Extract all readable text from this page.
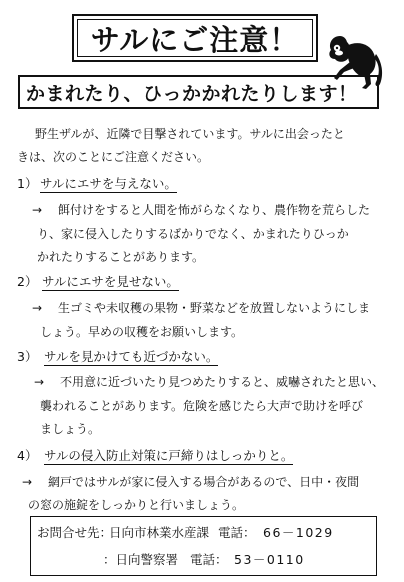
サルにご注意！
かまれたり、ひっかかれたりします！
野生ザルが、近隣で目撃されています。サルに出会ったと
きは、次のことにご注意ください。
1） サルにエサを与えない。
→ 餌付けをすると人間を怖がらなくなり、農作物を荒らした
り、家に侵入したりするばかりでなく、かまれたりひっか
かれたりすることがあります。
2） サルにエサを見せない。
→ 生ゴミや未収穫の果物・野菜などを放置しないようにしま
しょう。早めの収穫をお願いします。
3） サルを見かけても近づかない。
→ 不用意に近づいたり見つめたりすると、威嚇されたと思い、
襲われることがあります。危険を感じたら大声で助けを呼び
ましょう。
4） サルの侵入防止対策に戸締りはしっかりと。
→ 網戸ではサルが家に侵入する場合があるので、日中・夜間
の窓の施錠をしっかりと行いましょう。
お問合せ先：
日向市林業水産課 電話： 66－1029
：日向警察署 電話： 53－0110
